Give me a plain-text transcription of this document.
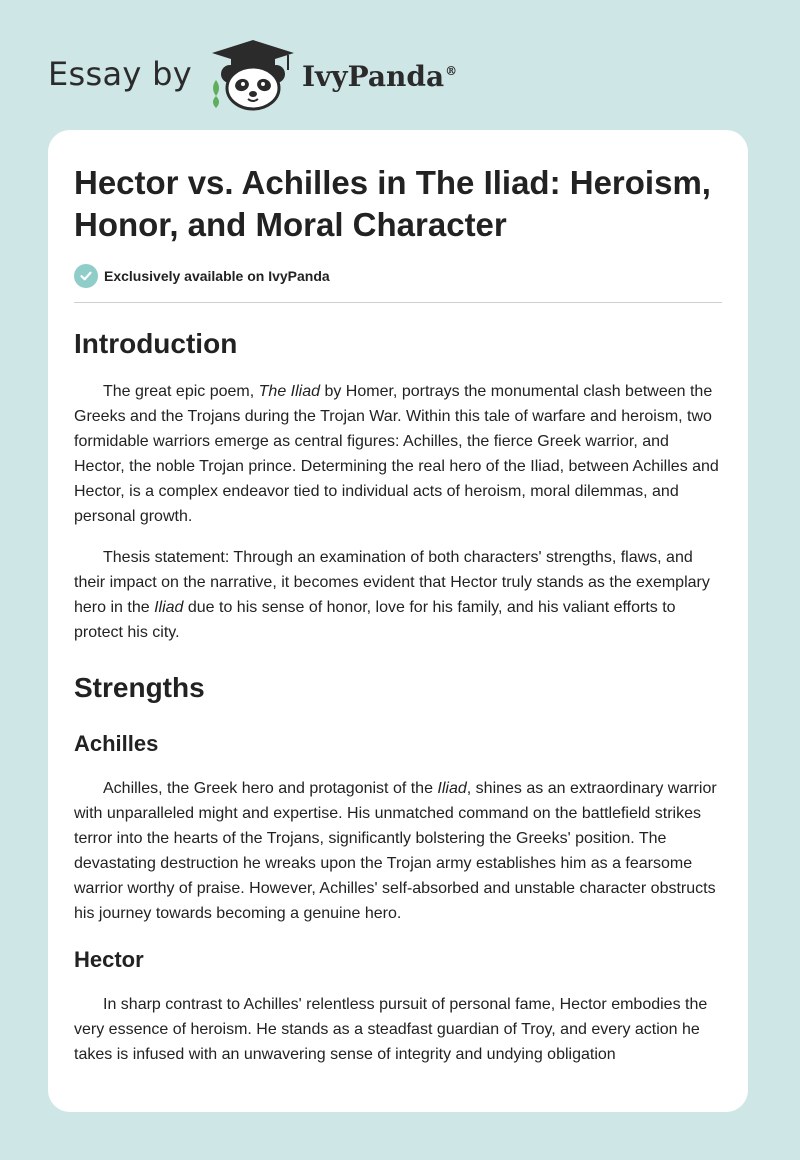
Essay by	IvyPanda®
Hector vs. Achilles in The Iliad: Heroism, Honor, and Moral Character
Exclusively available on IvyPanda
Introduction

The great epic poem, The Iliad by Homer, portrays the monumental clash between the Greeks and the Trojans during the Trojan War. Within this tale of warfare and heroism, two formidable warriors emerge as central figures: Achilles, the fierce Greek warrior, and Hector, the noble Trojan prince. Determining the real hero of the Iliad, between Achilles and Hector, is a complex endeavor tied to individual acts of heroism, moral dilemmas, and personal growth.

Thesis statement: Through an examination of both characters' strengths, flaws, and their impact on the narrative, it becomes evident that Hector truly stands as the exemplary hero in the Iliad due to his sense of honor, love for his family, and his valiant efforts to protect his city.

Strengths
Achilles

Achilles, the Greek hero and protagonist of the Iliad, shines as an extraordinary warrior with unparalleled might and expertise. His unmatched command on the battlefield strikes terror into the hearts of the Trojans, significantly bolstering the Greeks' position. The devastating destruction he wreaks upon the Trojan army establishes him as a fearsome warrior worthy of praise. However, Achilles' self-absorbed and unstable character obstructs his journey towards becoming a genuine hero.

Hector

In sharp contrast to Achilles' relentless pursuit of personal fame, Hector embodies the very essence of heroism. He stands as a steadfast guardian of Troy, and every action he takes is infused with an unwavering sense of integrity and undying obligation
